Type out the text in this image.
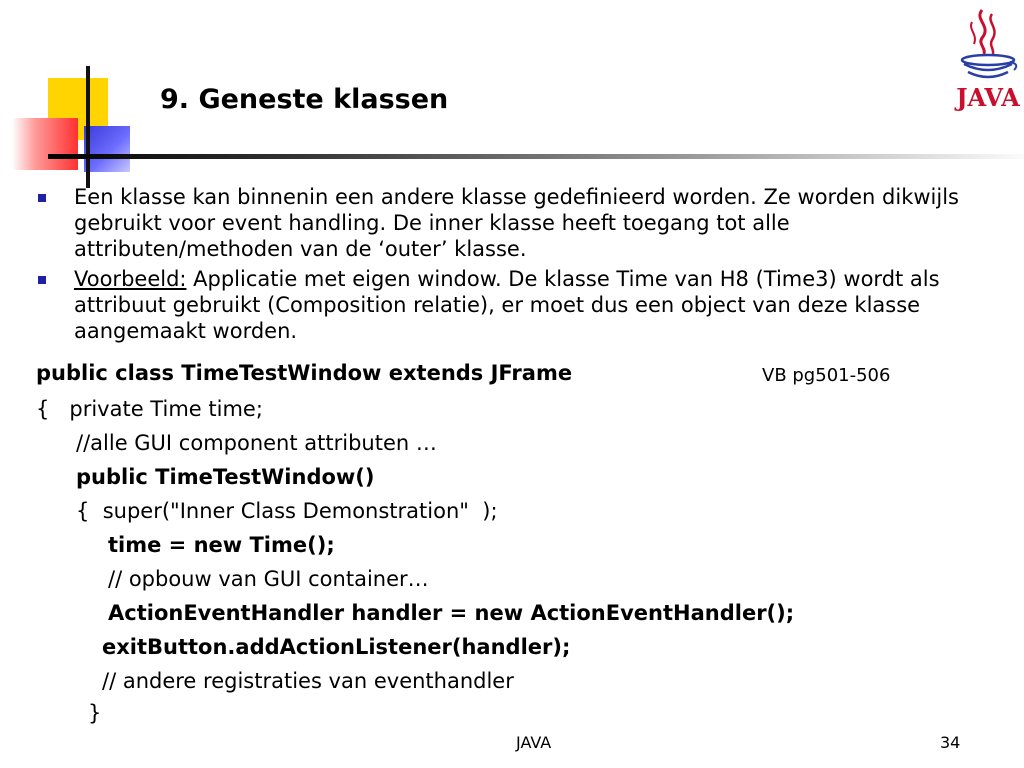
9. Geneste klassen	JAVA
Een klasse kan binnenin een andere klasse gedefinieerd worden. Ze worden dikwijls gebruikt voor event handling. De inner klasse heeft toegang tot alle attributen/methoden van de ‘outer’ klasse.
Voorbeeld: Applicatie met eigen window. De klasse Time van H8 (Time3) wordt als attribuut gebruikt (Composition relatie), er moet dus een object van deze klasse aangemaakt worden.
public class TimeTestWindow extends JFrame	VB pg501-506
{   private Time time;
//alle GUI component attributen …
public TimeTestWindow()
{  super("Inner Class Demonstration"  );
time = new Time();
// opbouw van GUI container…
ActionEventHandler handler = new ActionEventHandler();
exitButton.addActionListener(handler);
// andere registraties van eventhandler
}
JAVA	34
